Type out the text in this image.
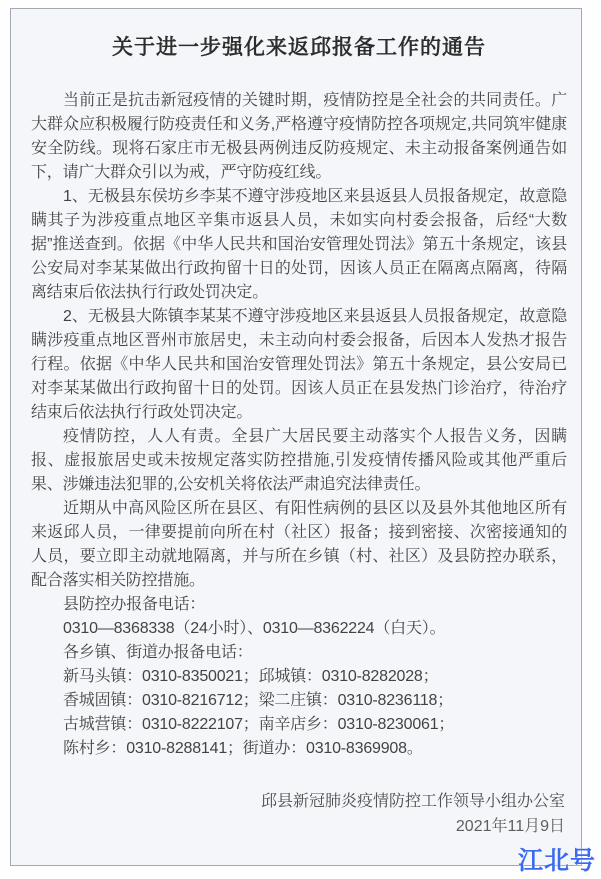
关于进一步强化来返邱报备工作的通告

当前正是抗击新冠疫情的关键时期，疫情防控是全社会的共同责任。广大群众应积极履行防疫责任和义务,严格遵守疫情防控各项规定,共同筑牢健康安全防线。现将石家庄市无极县两例违反防疫规定、未主动报备案例通告如下，请广大群众引以为戒，严守防疫红线。

1、无极县东侯坊乡李某不遵守涉疫地区来县返县人员报备规定，故意隐瞒其子为涉疫重点地区辛集市返县人员，未如实向村委会报备，后经“大数据”推送查到。依据《中华人民共和国治安管理处罚法》第五十条规定，该县公安局对李某某做出行政拘留十日的处罚，因该人员正在隔离点隔离，待隔离结束后依法执行行政处罚决定。

2、无极县大陈镇李某某不遵守涉疫地区来县返县人员报备规定，故意隐瞒涉疫重点地区晋州市旅居史，未主动向村委会报备，后因本人发热才报告行程。依据《中华人民共和国治安管理处罚法》第五十条规定，县公安局已对李某某做出行政拘留十日的处罚。因该人员正在县发热门诊治疗，待治疗结束后依法执行行政处罚决定。

疫情防控，人人有责。全县广大居民要主动落实个人报告义务，因瞒报、虚报旅居史或未按规定落实防控措施,引发疫情传播风险或其他严重后果、涉嫌违法犯罪的,公安机关将依法严肃追究法律责任。

近期从中高风险区所在县区、有阳性病例的县区以及县外其他地区所有来返邱人员，一律要提前向所在村（社区）报备；接到密接、次密接通知的人员，要立即主动就地隔离，并与所在乡镇（村、社区）及县防控办联系，配合落实相关防控措施。

县防控办报备电话：

0310—8368338（24小时）、0310—8362224（白天）。

各乡镇、街道办报备电话：

新马头镇：0310-8350021；邱城镇：0310-8282028；

香城固镇：0310-8216712；梁二庄镇：0310-8236118；

古城营镇：0310-8222107；南辛店乡：0310-8230061；

陈村乡：0310-8288141；街道办：0310-8369908。

邱县新冠肺炎疫情防控工作领导小组办公室

2021年11月9日

江北号
